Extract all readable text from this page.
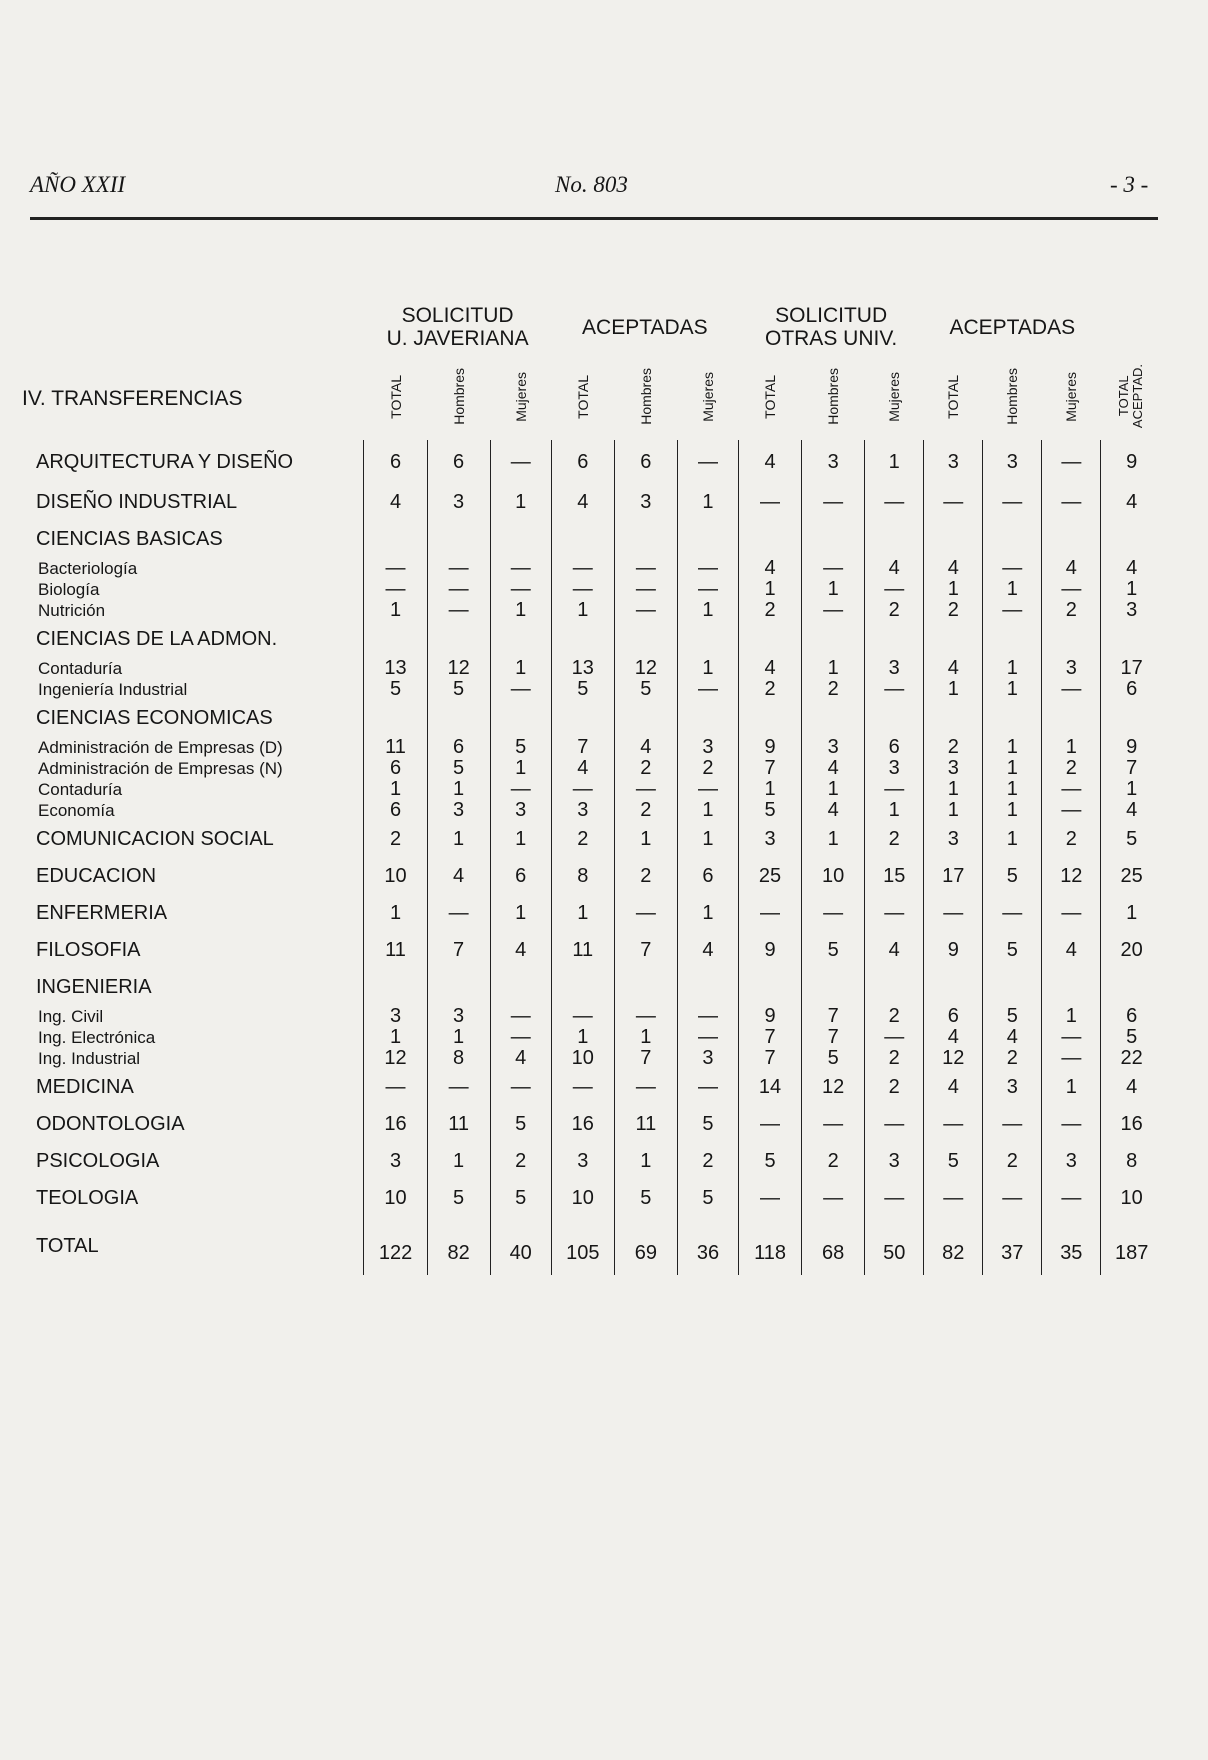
AÑO XXII	No. 803	- 3 -
	SOLICITUD
U. JAVERIANA			ACEPTADAS			SOLICITUD
OTRAS UNIV.			ACEPTADAS			
IV. TRANSFERENCIAS	TOTAL	Hombres	Mujeres	TOTAL	Hombres	Mujeres	TOTAL	Hombres	Mujeres	TOTAL	Hombres	Mujeres	TOTAL
ACEPTAD.
ARQUITECTURA Y DISEÑO	6	6	—	6	6	—	4	3	1	3	3	—	9
DISEÑO INDUSTRIAL	4	3	1	4	3	1	—	—	—	—	—	—	4
CIENCIAS BASICAS													
Bacteriología	—	—	—	—	—	—	4	—	4	4	—	4	4
Biología	—	—	—	—	—	—	1	1	—	1	1	—	1
Nutrición	1	—	1	1	—	1	2	—	2	2	—	2	3
CIENCIAS DE LA ADMON.													
Contaduría	13	12	1	13	12	1	4	1	3	4	1	3	17
Ingeniería Industrial	5	5	—	5	5	—	2	2	—	1	1	—	6
CIENCIAS ECONOMICAS													
Administración de Empresas (D)	11	6	5	7	4	3	9	3	6	2	1	1	9
Administración de Empresas (N)	6	5	1	4	2	2	7	4	3	3	1	2	7
Contaduría	1	1	—	—	—	—	1	1	—	1	1	—	1
Economía	6	3	3	3	2	1	5	4	1	1	1	—	4
COMUNICACION SOCIAL	2	1	1	2	1	1	3	1	2	3	1	2	5
EDUCACION	10	4	6	8	2	6	25	10	15	17	5	12	25
ENFERMERIA	1	—	1	1	—	1	—	—	—	—	—	—	1
FILOSOFIA	11	7	4	11	7	4	9	5	4	9	5	4	20
INGENIERIA													
Ing. Civil	3	3	—	—	—	—	9	7	2	6	5	1	6
Ing. Electrónica	1	1	—	1	1	—	7	7	—	4	4	—	5
Ing. Industrial	12	8	4	10	7	3	7	5	2	12	2	—	22
MEDICINA	—	—	—	—	—	—	14	12	2	4	3	1	4
ODONTOLOGIA	16	11	5	16	11	5	—	—	—	—	—	—	16
PSICOLOGIA	3	1	2	3	1	2	5	2	3	5	2	3	8
TEOLOGIA	10	5	5	10	5	5	—	—	—	—	—	—	10

TOTAL	122	82	40	105	69	36	118	68	50	82	37	35	187
